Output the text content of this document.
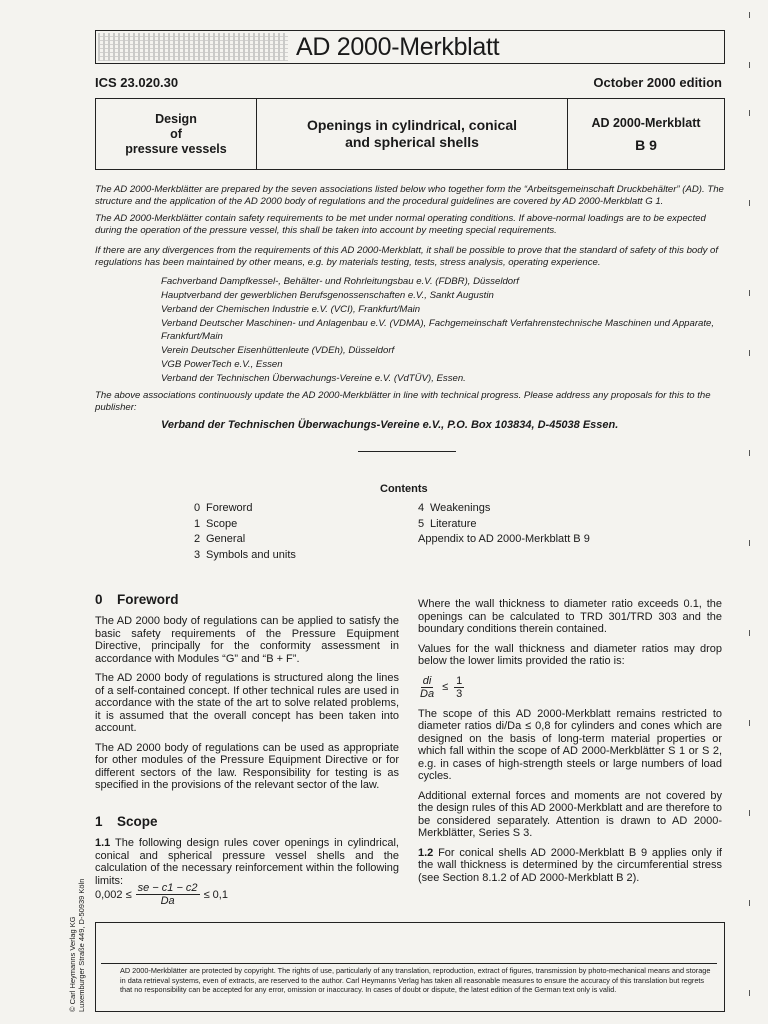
AD 2000-Merkblatt
ICS 23.020.30	October 2000 edition
Design
of
pressure vessels
Openings in cylindrical, conical
and spherical shells
AD 2000-Merkblatt
B 9
The AD 2000-Merkblätter are prepared by the seven associations listed below who together form the “Arbeitsgemeinschaft Druckbehälter” (AD). The structure and the application of the AD 2000 body of regulations and the procedural guidelines are covered by AD 2000-Merkblatt G 1.
The AD 2000-Merkblätter contain safety requirements to be met under normal operating conditions. If above-normal loadings are to be expected during the operation of the pressure vessel, this shall be taken into account by meeting special requirements.
If there are any divergences from the requirements of this AD 2000-Merkblatt, it shall be possible to prove that the standard of safety of this body of regulations has been maintained by other means, e.g. by materials testing, tests, stress analysis, operating experience.
Fachverband Dampfkessel-, Behälter- und Rohrleitungsbau e.V. (FDBR), Düsseldorf
Hauptverband der gewerblichen Berufsgenossenschaften e.V., Sankt Augustin
Verband der Chemischen Industrie e.V. (VCI), Frankfurt/Main
Verband Deutscher Maschinen- und Anlagenbau e.V. (VDMA), Fachgemeinschaft Verfahrenstechnische Maschinen und Apparate, Frankfurt/Main
Verein Deutscher Eisenhüttenleute (VDEh), Düsseldorf
VGB PowerTech e.V., Essen
Verband der Technischen Überwachungs-Vereine e.V. (VdTÜV), Essen.
The above associations continuously update the AD 2000-Merkblätter in line with technical progress. Please address any proposals for this to the publisher:
Verband der Technischen Überwachungs-Vereine e.V., P.O. Box 103834, D-45038 Essen.
Contents
0 Foreword
1 Scope
2 General
3 Symbols and units
4 Weakenings
5 Literature
Appendix to AD 2000-Merkblatt B 9
0 Foreword

The AD 2000 body of regulations can be applied to satisfy the basic safety requirements of the Pressure Equipment Directive, principally for the conformity assessment in accordance with Modules “G” and “B + F”.

The AD 2000 body of regulations is structured along the lines of a self-contained concept. If other technical rules are used in accordance with the state of the art to solve related problems, it is assumed that the overall concept has been taken into account.

The AD 2000 body of regulations can be used as appropriate for other modules of the Pressure Equipment Directive or for different sectors of the law. Responsibility for testing is as specified in the provisions of the relevant sector of the law.

1 Scope

1.1 The following design rules cover openings in cylindrical, conical and spherical pressure vessel shells and the calculation of the necessary reinforcement within the following limits:

$0,002 \le \frac{se - c1 - c2}{Da} \le 0,1$

Where the wall thickness to diameter ratio exceeds 0.1, the openings can be calculated to TRD 301/TRD 303 and the boundary conditions therein contained.

Values for the wall thickness and diameter ratios may drop below the lower limits provided the ratio is:

$\frac{di}{Da} \le \frac{1}{3}$

The scope of this AD 2000-Merkblatt remains restricted to diameter ratios di/Da ≤ 0,8 for cylinders and cones which are designed on the basis of long-term material properties or which fall within the scope of AD 2000-Merkblätter S 1 or S 2, e.g. in cases of high-strength steels or large numbers of load cycles.

Additional external forces and moments are not covered by the design rules of this AD 2000-Merkblatt and are therefore to be considered separately. Attention is drawn to AD 2000-Merkblätter, Series S 3.

1.2 For conical shells AD 2000-Merkblatt B 9 applies only if the wall thickness is determined by the circumferential stress (see Section 8.1.2 of AD 2000-Merkblatt B 2).

© Carl Heymanns Verlag KG Luxemburger Straße 449, D-50939 Köln	AD 2000-Merkblätter are protected by copyright. The rights of use, particularly of any translation, reproduction, extract of figures, transmission by photo-mechanical means and storage in data retrieval systems, even of extracts, are reserved to the author. Carl Heymanns Verlag has taken all reasonable measures to ensure the accuracy of this translation but regrets that no responsibility can be accepted for any error, omission or inaccuracy. In cases of doubt or dispute, the latest edition of the German text only is valid.
